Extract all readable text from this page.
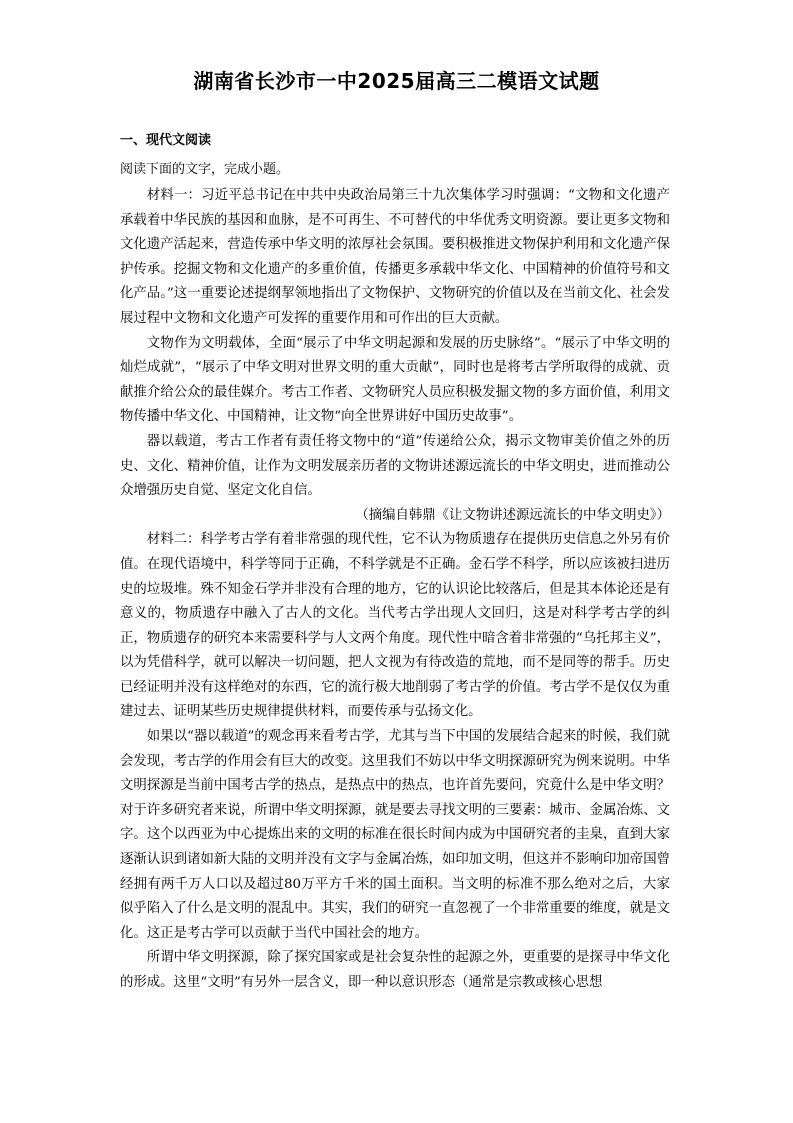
湖南省长沙市一中2025届高三二模语文试题
一、现代文阅读
阅读下面的文字，完成小题。

材料一：习近平总书记在中共中央政治局第三十九次集体学习时强调：“文物和文化遗产承载着中华民族的基因和血脉，是不可再生、不可替代的中华优秀文明资源。要让更多文物和文化遗产活起来，营造传承中华文明的浓厚社会氛围。要积极推进文物保护利用和文化遗产保护传承。挖掘文物和文化遗产的多重价值，传播更多承载中华文化、中国精神的价值符号和文化产品。”这一重要论述提纲挈领地指出了文物保护、文物研究的价值以及在当前文化、社会发展过程中文物和文化遗产可发挥的重要作用和可作出的巨大贡献。

文物作为文明载体，全面“展示了中华文明起源和发展的历史脉络”。“展示了中华文明的灿烂成就”，“展示了中华文明对世界文明的重大贡献”，同时也是将考古学所取得的成就、贡献推介给公众的最佳媒介。考古工作者、文物研究人员应积极发掘文物的多方面价值，利用文物传播中华文化、中国精神，让文物“向全世界讲好中国历史故事”。

器以载道，考古工作者有责任将文物中的“道”传递给公众，揭示文物审美价值之外的历史、文化、精神价值，让作为文明发展亲历者的文物讲述源远流长的中华文明史，进而推动公众增强历史自觉、坚定文化自信。

（摘编自韩鼎《让文物讲述源远流长的中华文明史》）

材料二：科学考古学有着非常强的现代性，它不认为物质遗存在提供历史信息之外另有价值。在现代语境中，科学等同于正确，不科学就是不正确。金石学不科学，所以应该被扫进历史的垃圾堆。殊不知金石学并非没有合理的地方，它的认识论比较落后，但是其本体论还是有意义的，物质遗存中融入了古人的文化。当代考古学出现人文回归，这是对科学考古学的纠正，物质遗存的研究本来需要科学与人文两个角度。现代性中暗含着非常强的“乌托邦主义”，以为凭借科学，就可以解决一切问题，把人文视为有待改造的荒地，而不是同等的帮手。历史已经证明并没有这样绝对的东西，它的流行极大地削弱了考古学的价值。考古学不是仅仅为重建过去、证明某些历史规律提供材料，而要传承与弘扬文化。

如果以“器以载道”的观念再来看考古学，尤其与当下中国的发展结合起来的时候，我们就会发现，考古学的作用会有巨大的改变。这里我们不妨以中华文明探源研究为例来说明。中华文明探源是当前中国考古学的热点，是热点中的热点，也许首先要问，究竟什么是中华文明？对于许多研究者来说，所谓中华文明探源，就是要去寻找文明的三要素：城市、金属冶炼、文字。这个以西亚为中心提炼出来的文明的标准在很长时间内成为中国研究者的圭臬，直到大家逐渐认识到诸如新大陆的文明并没有文字与金属冶炼，如印加文明，但这并不影响印加帝国曾经拥有两千万人口以及超过80万平方千米的国土面积。当文明的标准不那么绝对之后，大家似乎陷入了什么是文明的混乱中。其实，我们的研究一直忽视了一个非常重要的维度，就是文化。这正是考古学可以贡献于当代中国社会的地方。

所谓中华文明探源，除了探究国家或是社会复杂性的起源之外，更重要的是探寻中华文化的形成。这里“文明”有另外一层含义，即一种以意识形态（通常是宗教或核心思想
